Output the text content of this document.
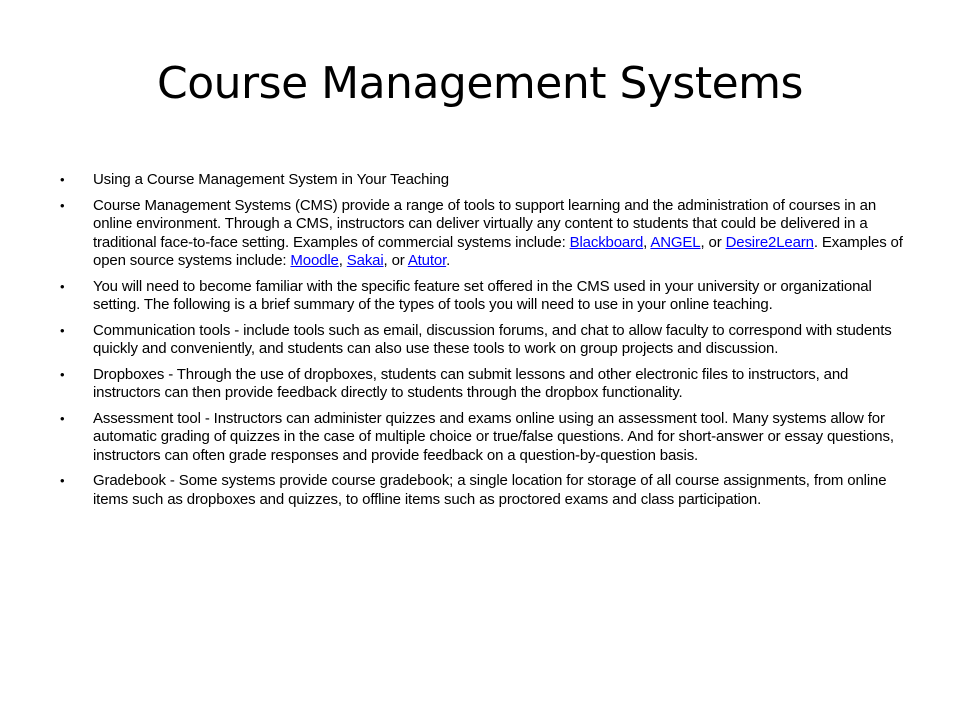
Course Management Systems
• Using a Course Management System in Your Teaching
• Course Management Systems (CMS) provide a range of tools to support learning and the administration of courses in an online environment. Through a CMS, instructors can deliver virtually any content to students that could be delivered in a traditional face-to-face setting. Examples of commercial systems include: Blackboard, ANGEL, or Desire2Learn. Examples of open source systems include: Moodle, Sakai, or Atutor.
• You will need to become familiar with the specific feature set offered in the CMS used in your university or organizational setting. The following is a brief summary of the types of tools you will need to use in your online teaching.
• Communication tools - include tools such as email, discussion forums, and chat to allow faculty to correspond with students quickly and conveniently, and students can also use these tools to work on group projects and discussion.
• Dropboxes - Through the use of dropboxes, students can submit lessons and other electronic files to instructors, and instructors can then provide feedback directly to students through the dropbox functionality.
• Assessment tool - Instructors can administer quizzes and exams online using an assessment tool. Many systems allow for automatic grading of quizzes in the case of multiple choice or true/false questions. And for short-answer or essay questions, instructors can often grade responses and provide feedback on a question-by-question basis.
• Gradebook - Some systems provide course gradebook; a single location for storage of all course assignments, from online items such as dropboxes and quizzes, to offline items such as proctored exams and class participation.
